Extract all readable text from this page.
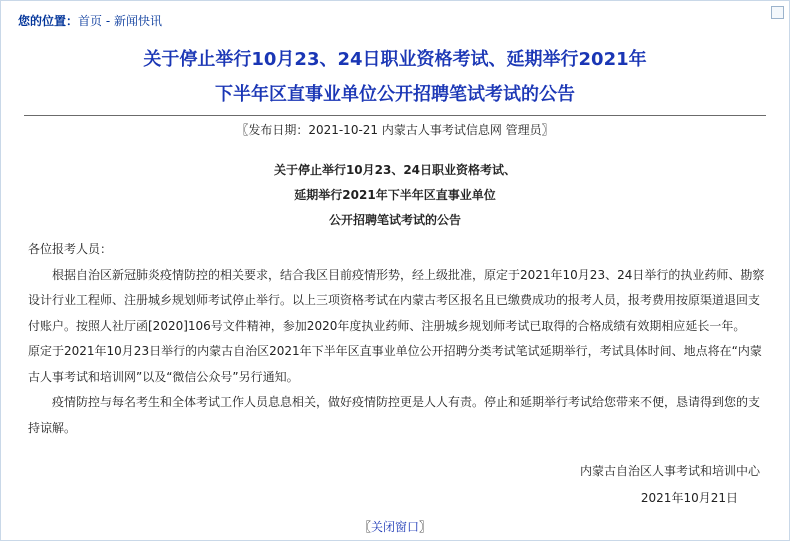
您的位置：首页 - 新闻快讯
关于停止举行10月23、24日职业资格考试、延期举行2021年
下半年区直事业单位公开招聘笔试考试的公告
〖发布日期：2021-10-21 内蒙古人事考试信息网 管理员〗
关于停止举行10月23、24日职业资格考试、
延期举行2021年下半年区直事业单位
公开招聘笔试考试的公告

各位报考人员：

根据自治区新冠肺炎疫情防控的相关要求，结合我区目前疫情形势，经上级批准，原定于2021年10月23、24日举行的执业药师、勘察设计行业工程师、注册城乡规划师考试停止举行。以上三项资格考试在内蒙古考区报名且已缴费成功的报考人员，报考费用按原渠道退回支付账户。按照人社厅函[2020]106号文件精神，参加2020年度执业药师、注册城乡规划师考试已取得的合格成绩有效期相应延长一年。

原定于2021年10月23日举行的内蒙古自治区2021年下半年区直事业单位公开招聘分类考试笔试延期举行，考试具体时间、地点将在“内蒙古人事考试和培训网”以及“微信公众号”另行通知。

疫情防控与每名考生和全体考试工作人员息息相关，做好疫情防控更是人人有责。停止和延期举行考试给您带来不便，恳请得到您的支持谅解。

内蒙古自治区人事考试和培训中心
2021年10月21日
〖关闭窗口〗
